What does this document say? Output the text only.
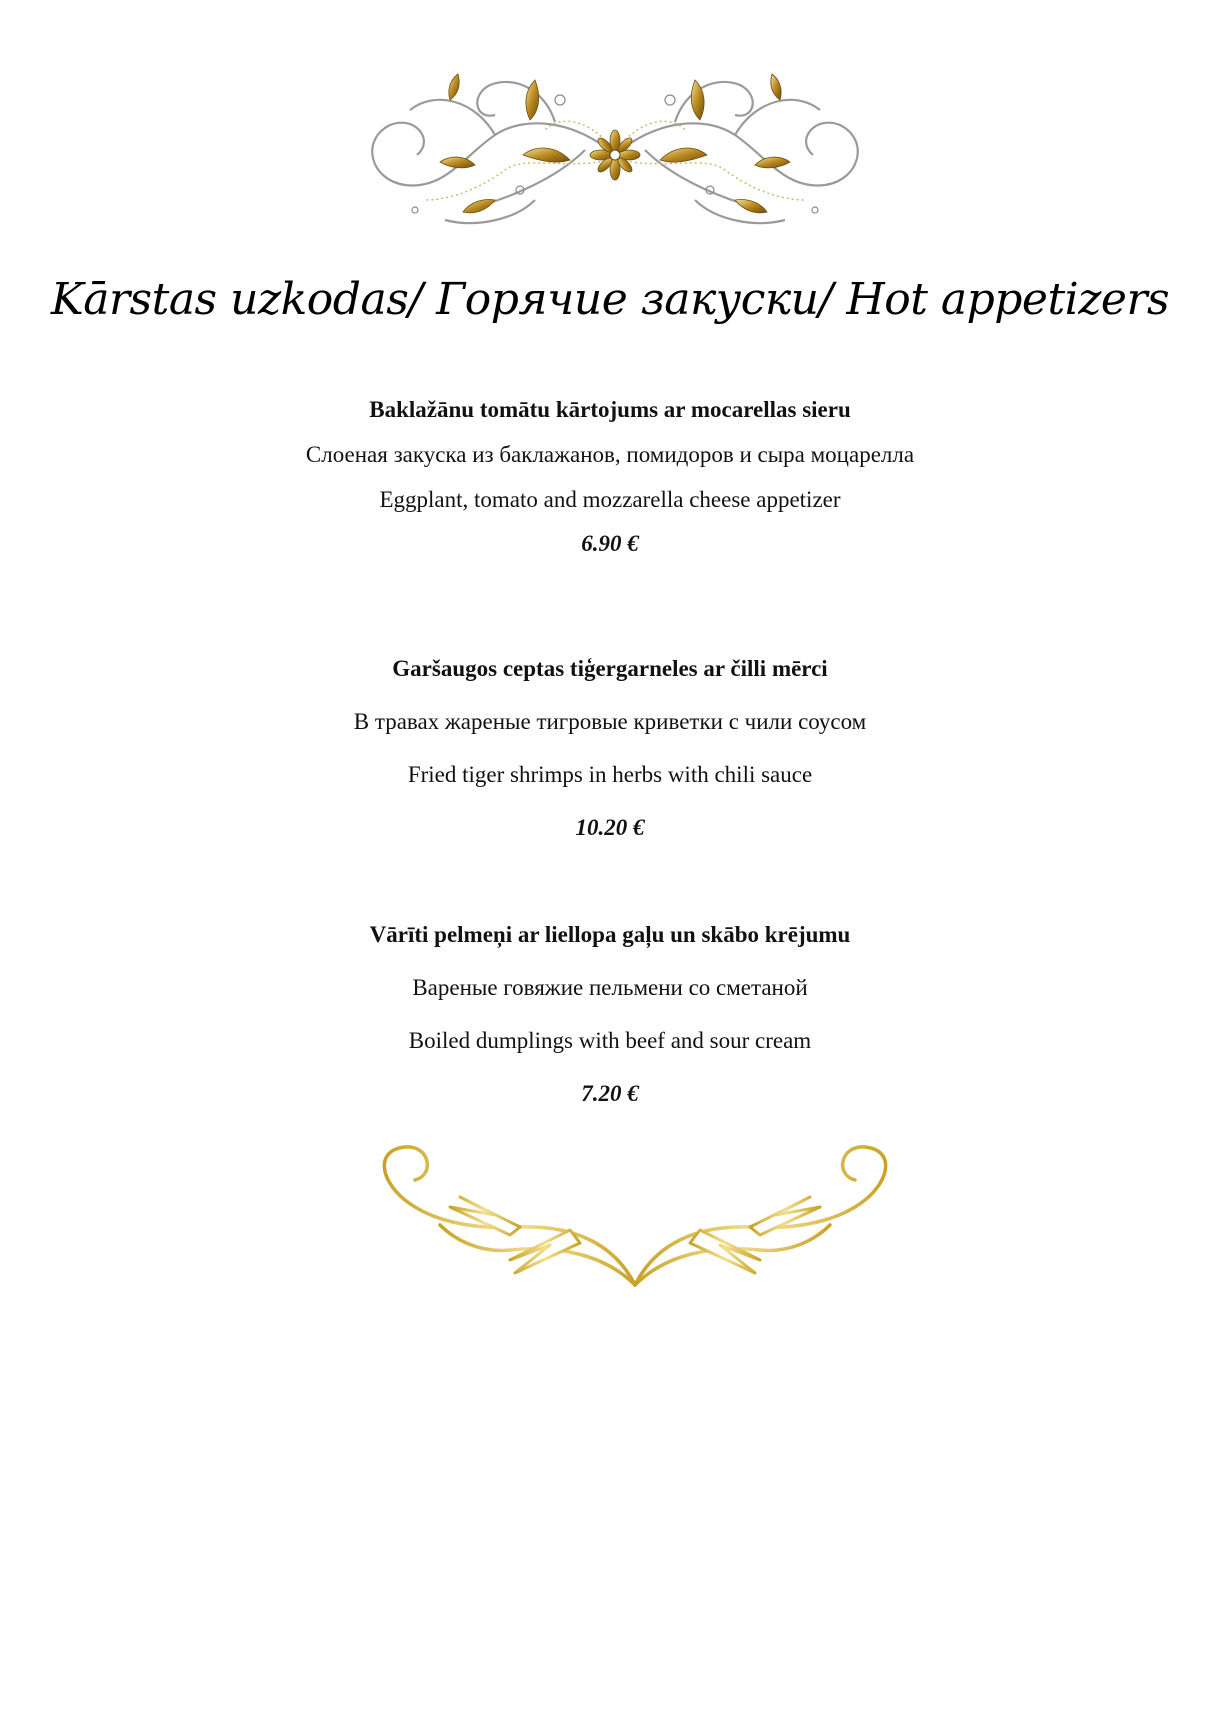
Kārstas uzkodas/ Горячие закуски/ Hot appetizers

Baklažānu tomātu kārtojums ar mocarellas sieru

Слоеная закуска из баклажанов, помидоров и сыра моцарелла

Eggplant, tomato and mozzarella cheese appetizer

6.90 €

Garšaugos ceptas tiģergarneles ar čilli mērci

В травах жареные тигровые криветки с чили соусом

Fried tiger shrimps in herbs with chili sauce

10.20 €

Vārīti pelmeņi ar liellopa gaļu un skābo krējumu

Вареные говяжие пельмени со сметаной

Boiled dumplings with beef and sour cream

7.20 €
